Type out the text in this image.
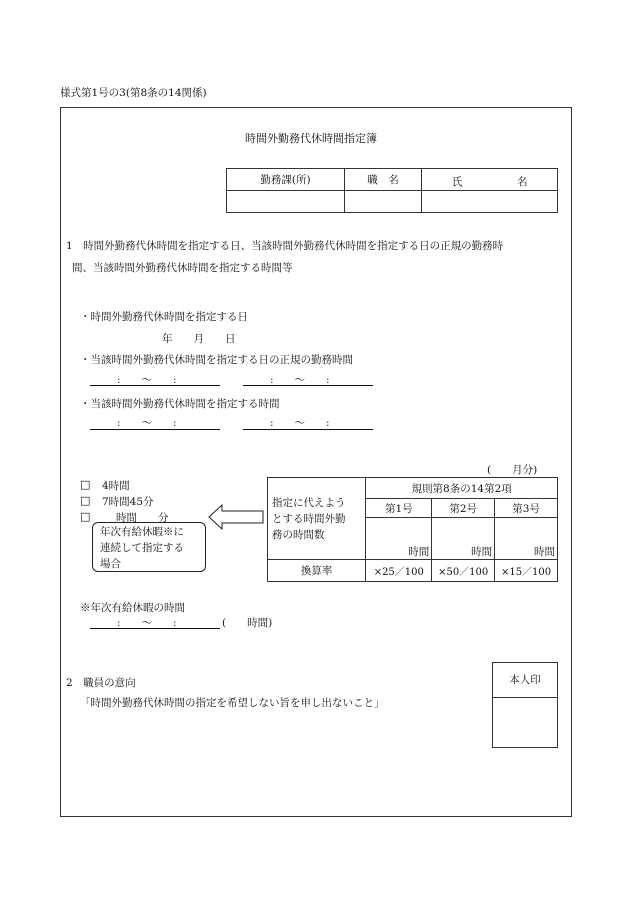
様式第1号の3(第8条の14関係)
時間外勤務代休時間指定簿
勤務課(所)	職　名	氏 名

1　時間外勤務代休時間を指定する日、当該時間外勤務代休時間を指定する日の正規の勤務時
間、当該時間外勤務代休時間を指定する時間等
・時間外勤務代休時間を指定する日
年　　月　　日
・当該時間外勤務代休時間を指定する日の正規の勤務時間
:　　〜　　:	:　　〜　　:
・当該時間外勤務代休時間を指定する時間
:　　〜　　:	:　　〜　　:
□ 4時間
□ 7時間45分
□ 時間　　分
年次有給休暇※に
連続して指定する
場合
(　　月分)
指定に代えよう
とする時間外勤
務の時間数	規則第8条の14第2項		
	第1号	第2号	第3号
	時間	時間	時間
換算率	×25／100	×50／100	×15／100
※年次有給休暇の時間
:　　〜　　:	(　　時間)
2　職員の意向
「時間外勤務代休時間の指定を希望しない旨を申し出ないこと」
本人印
